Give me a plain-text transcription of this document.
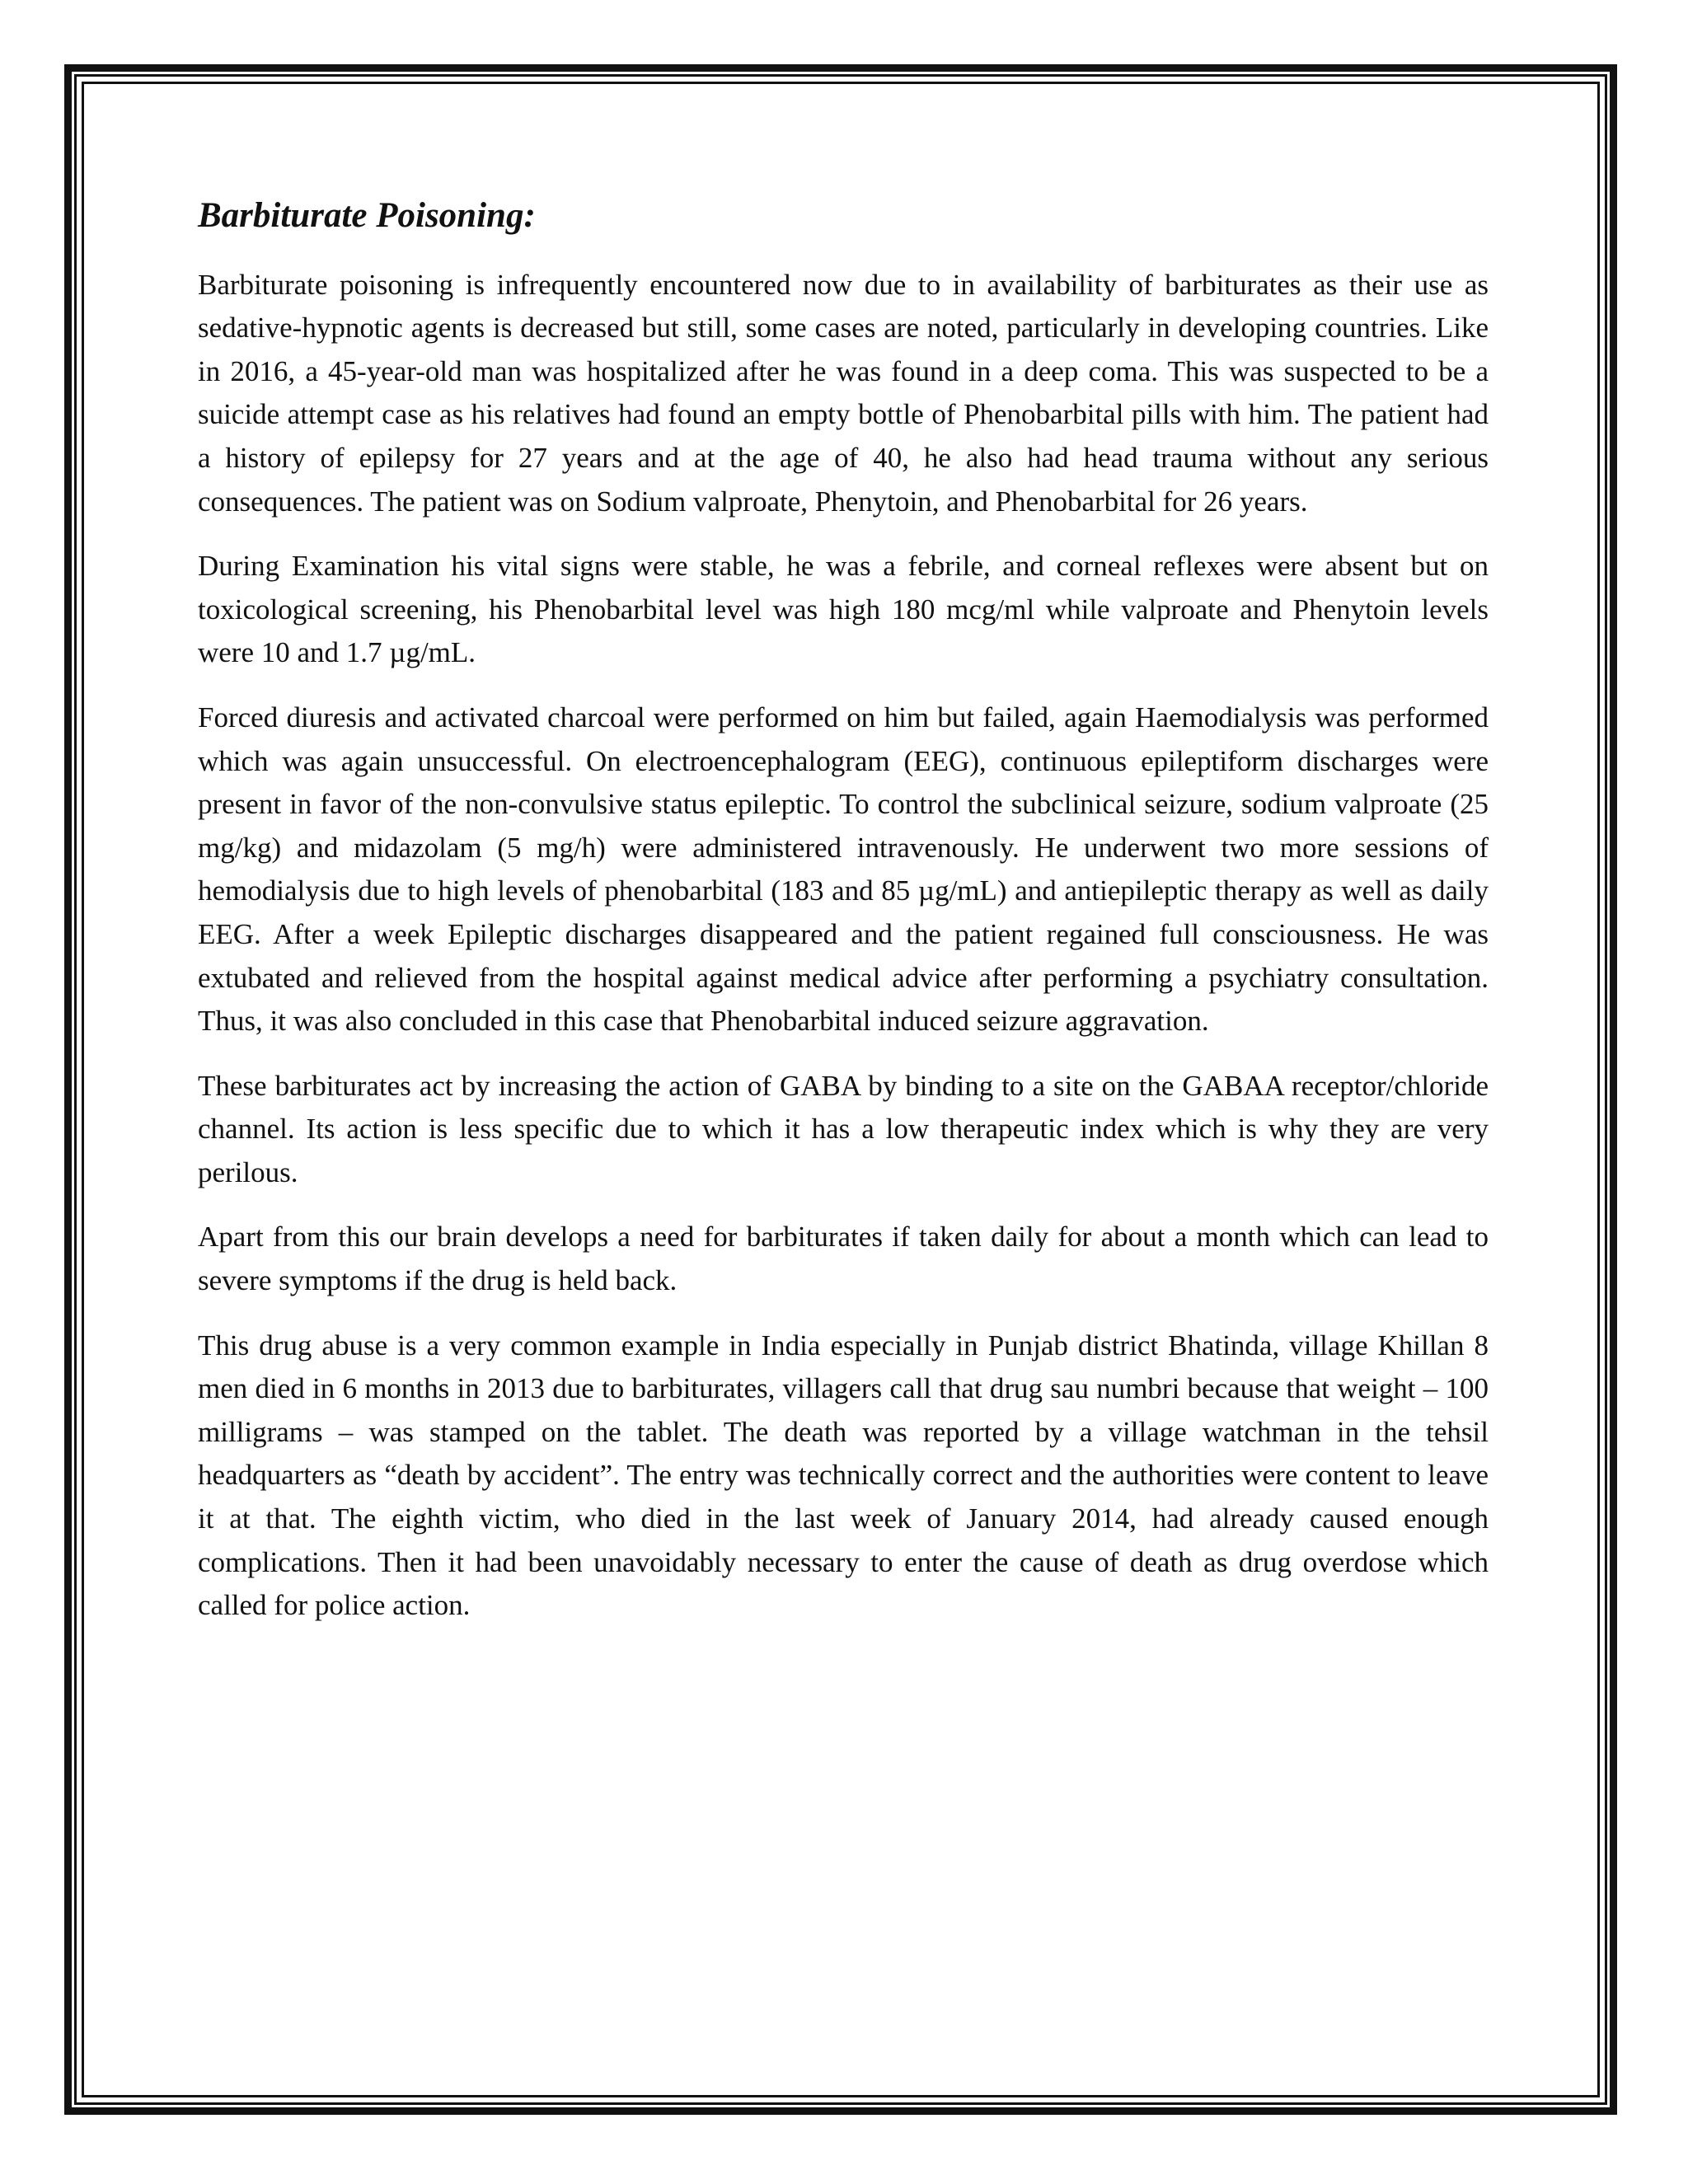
Barbiturate Poisoning:

Barbiturate poisoning is infrequently encountered now due to in availability of barbiturates as their use as sedative-hypnotic agents is decreased but still, some cases are noted, particularly in developing countries. Like in 2016, a 45-year-old man was hospitalized after he was found in a deep coma. This was suspected to be a suicide attempt case as his relatives had found an empty bottle of Phenobarbital pills with him. The patient had a history of epilepsy for 27 years and at the age of 40, he also had head trauma without any serious consequences. The patient was on Sodium valproate, Phenytoin, and Phenobarbital for 26 years.

During Examination his vital signs were stable, he was a febrile, and corneal reflexes were absent but on toxicological screening, his Phenobarbital level was high 180 mcg/ml while valproate and Phenytoin levels were 10 and 1.7 µg/mL.

Forced diuresis and activated charcoal were performed on him but failed, again Haemodialysis was performed which was again unsuccessful. On electroencephalogram (EEG), continuous epileptiform discharges were present in favor of the non-convulsive status epileptic. To control the subclinical seizure, sodium valproate (25 mg/kg) and midazolam (5 mg/h) were administered intravenously. He underwent two more sessions of hemodialysis due to high levels of phenobarbital (183 and 85 µg/mL) and antiepileptic therapy as well as daily EEG. After a week Epileptic discharges disappeared and the patient regained full consciousness. He was extubated and relieved from the hospital against medical advice after performing a psychiatry consultation. Thus, it was also concluded in this case that Phenobarbital induced seizure aggravation.

These barbiturates act by increasing the action of GABA by binding to a site on the GABAA receptor/chloride channel. Its action is less specific due to which it has a low therapeutic index which is why they are very perilous.

Apart from this our brain develops a need for barbiturates if taken daily for about a month which can lead to severe symptoms if the drug is held back.

This drug abuse is a very common example in India especially in Punjab district Bhatinda, village Khillan 8 men died in 6 months in 2013 due to barbiturates, villagers call that drug sau numbri because that weight – 100 milligrams – was stamped on the tablet. The death was reported by a village watchman in the tehsil headquarters as “death by accident”. The entry was technically correct and the authorities were content to leave it at that. The eighth victim, who died in the last week of January 2014, had already caused enough complications. Then it had been unavoidably necessary to enter the cause of death as drug overdose which called for police action.
